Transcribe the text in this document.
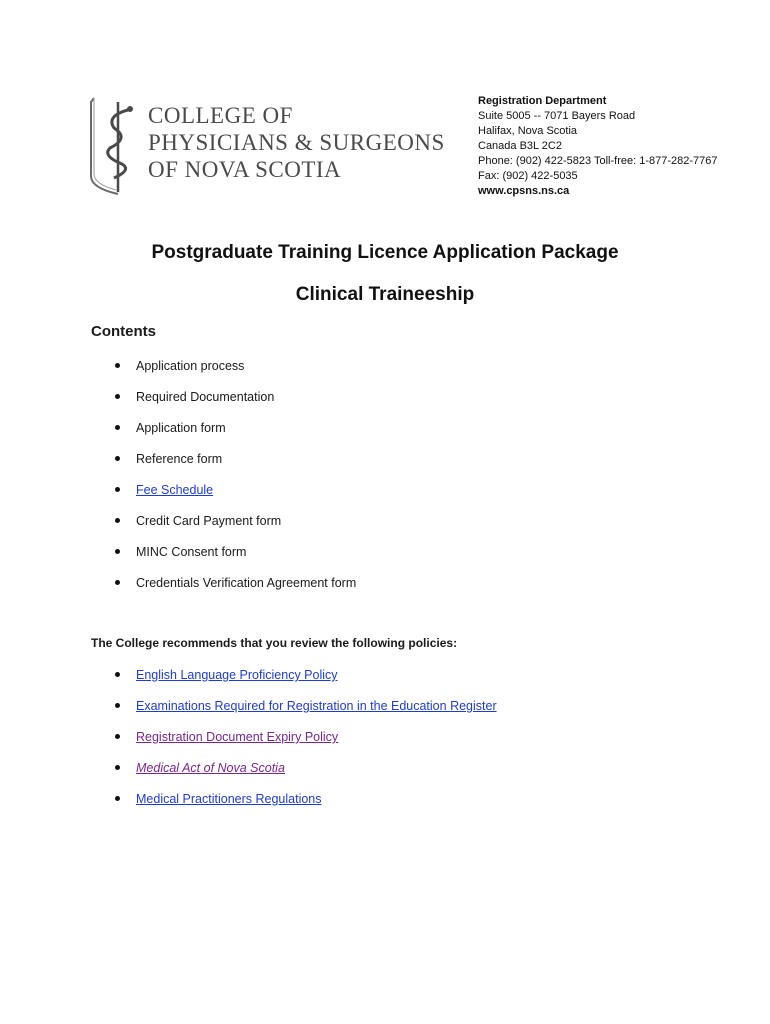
COLLEGE OF
PHYSICIANS & SURGEONS
OF NOVA SCOTIA
Registration Department
Suite 5005 -- 7071 Bayers Road
Halifax, Nova Scotia
Canada B3L 2C2
Phone: (902) 422-5823 Toll-free: 1-877-282-7767
Fax: (902) 422-5035
www.cpsns.ns.ca
Postgraduate Training Licence Application Package
Clinical Traineeship
Contents
Application process
Required Documentation
Application form
Reference form
Fee Schedule
Credit Card Payment form
MINC Consent form
Credentials Verification Agreement form
The College recommends that you review the following policies:
English Language Proficiency Policy
Examinations Required for Registration in the Education Register
Registration Document Expiry Policy
Medical Act of Nova Scotia
Medical Practitioners Regulations
